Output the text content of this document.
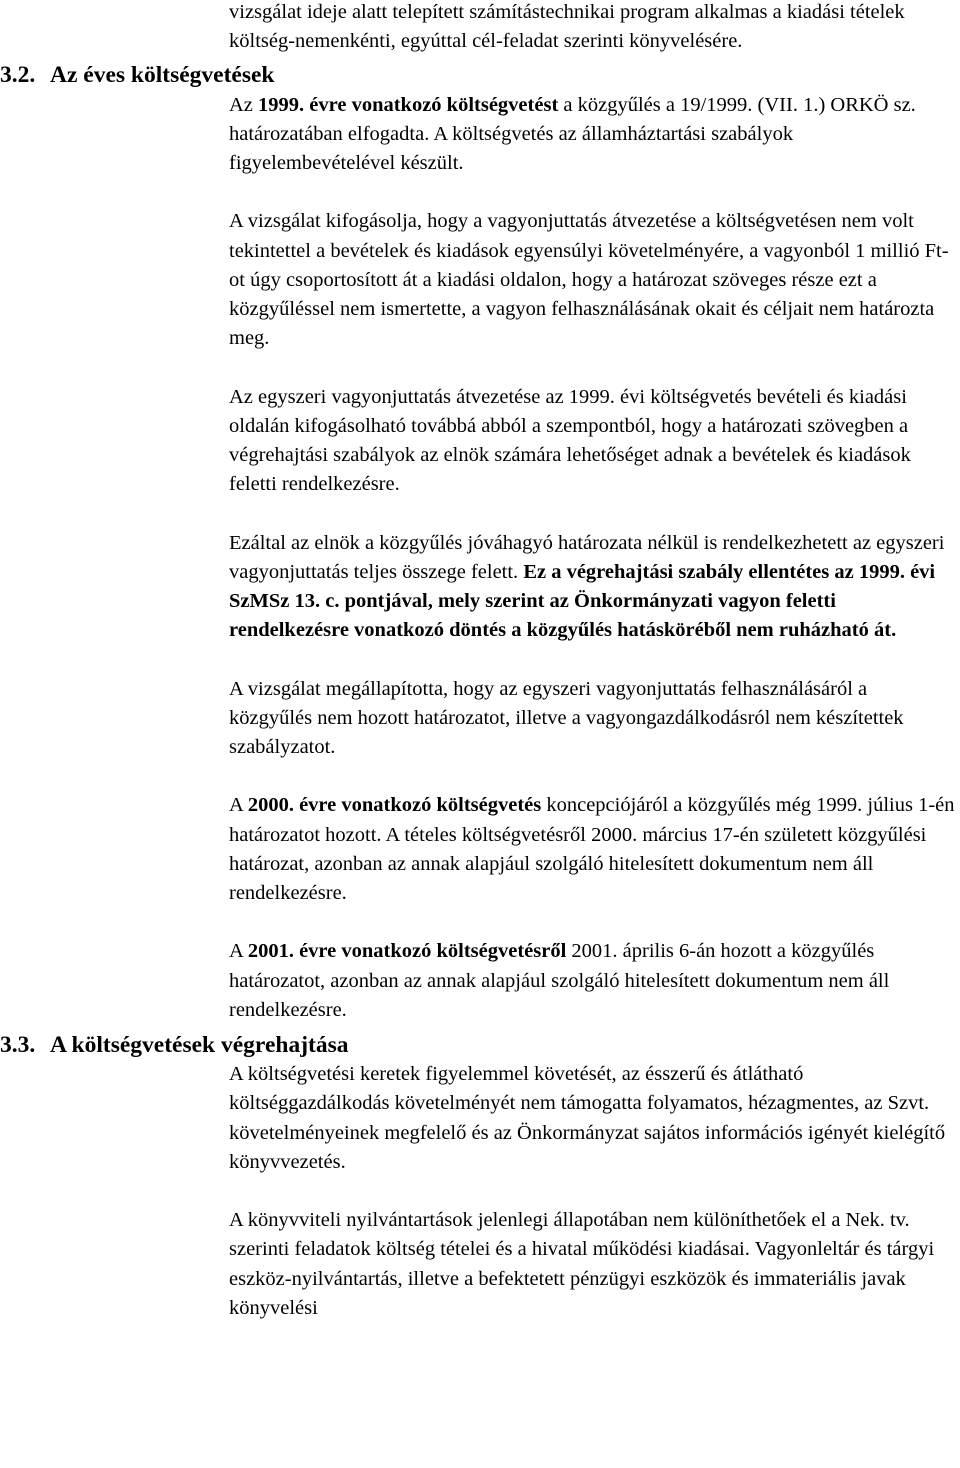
vizsgálat ideje alatt telepített számítástechnikai program alkalmas a kiadási tételek költség-nemenkénti, egyúttal cél-feladat szerinti könyvelésére.

3.2. Az éves költségvetések

Az 1999. évre vonatkozó költségvetést a közgyűlés a 19/1999. (VII. 1.) ORKÖ sz. határozatában elfogadta. A költségvetés az államháztartási szabályok figyelembevételével készült.

A vizsgálat kifogásolja, hogy a vagyonjuttatás átvezetése a költségvetésen nem volt tekintettel a bevételek és kiadások egyensúlyi követelményére, a vagyonból 1 millió Ft-ot úgy csoportosított át a kiadási oldalon, hogy a határozat szöveges része ezt a közgyűléssel nem ismertette, a vagyon felhasználásának okait és céljait nem határozta meg.

Az egyszeri vagyonjuttatás átvezetése az 1999. évi költségvetés bevételi és kiadási oldalán kifogásolható továbbá abból a szempontból, hogy a határozati szövegben a végrehajtási szabályok az elnök számára lehetőséget adnak a bevételek és kiadások feletti rendelkezésre.

Ezáltal az elnök a közgyűlés jóváhagyó határozata nélkül is rendelkezhetett az egyszeri vagyonjuttatás teljes összege felett. Ez a végrehajtási szabály ellentétes az 1999. évi SzMSz 13. c. pontjával, mely szerint az Önkormányzati vagyon feletti rendelkezésre vonatkozó döntés a közgyűlés hatásköréből nem ruházható át.

A vizsgálat megállapította, hogy az egyszeri vagyonjuttatás felhasználásáról a közgyűlés nem hozott határozatot, illetve a vagyongazdálkodásról nem készítettek szabályzatot.

A 2000. évre vonatkozó költségvetés koncepciójáról a közgyűlés még 1999. július 1-én határozatot hozott. A tételes költségvetésről 2000. március 17-én született közgyűlési határozat, azonban az annak alapjául szolgáló hitelesített dokumentum nem áll rendelkezésre.

A 2001. évre vonatkozó költségvetésről 2001. április 6-án hozott a közgyűlés határozatot, azonban az annak alapjául szolgáló hitelesített dokumentum nem áll rendelkezésre.

3.3. A költségvetések végrehajtása

A költségvetési keretek figyelemmel követését, az ésszerű és átlátható költséggazdálkodás követelményét nem támogatta folyamatos, hézagmentes, az Szvt. követelményeinek megfelelő és az Önkormányzat sajátos információs igényét kielégítő könyvvezetés.

A könyvviteli nyilvántartások jelenlegi állapotában nem különíthetőek el a Nek. tv. szerinti feladatok költség tételei és a hivatal működési kiadásai. Vagyonleltár és tárgyi eszköz-nyilvántartás, illetve a befektetett pénzügyi eszközök és immateriális javak könyvelési
